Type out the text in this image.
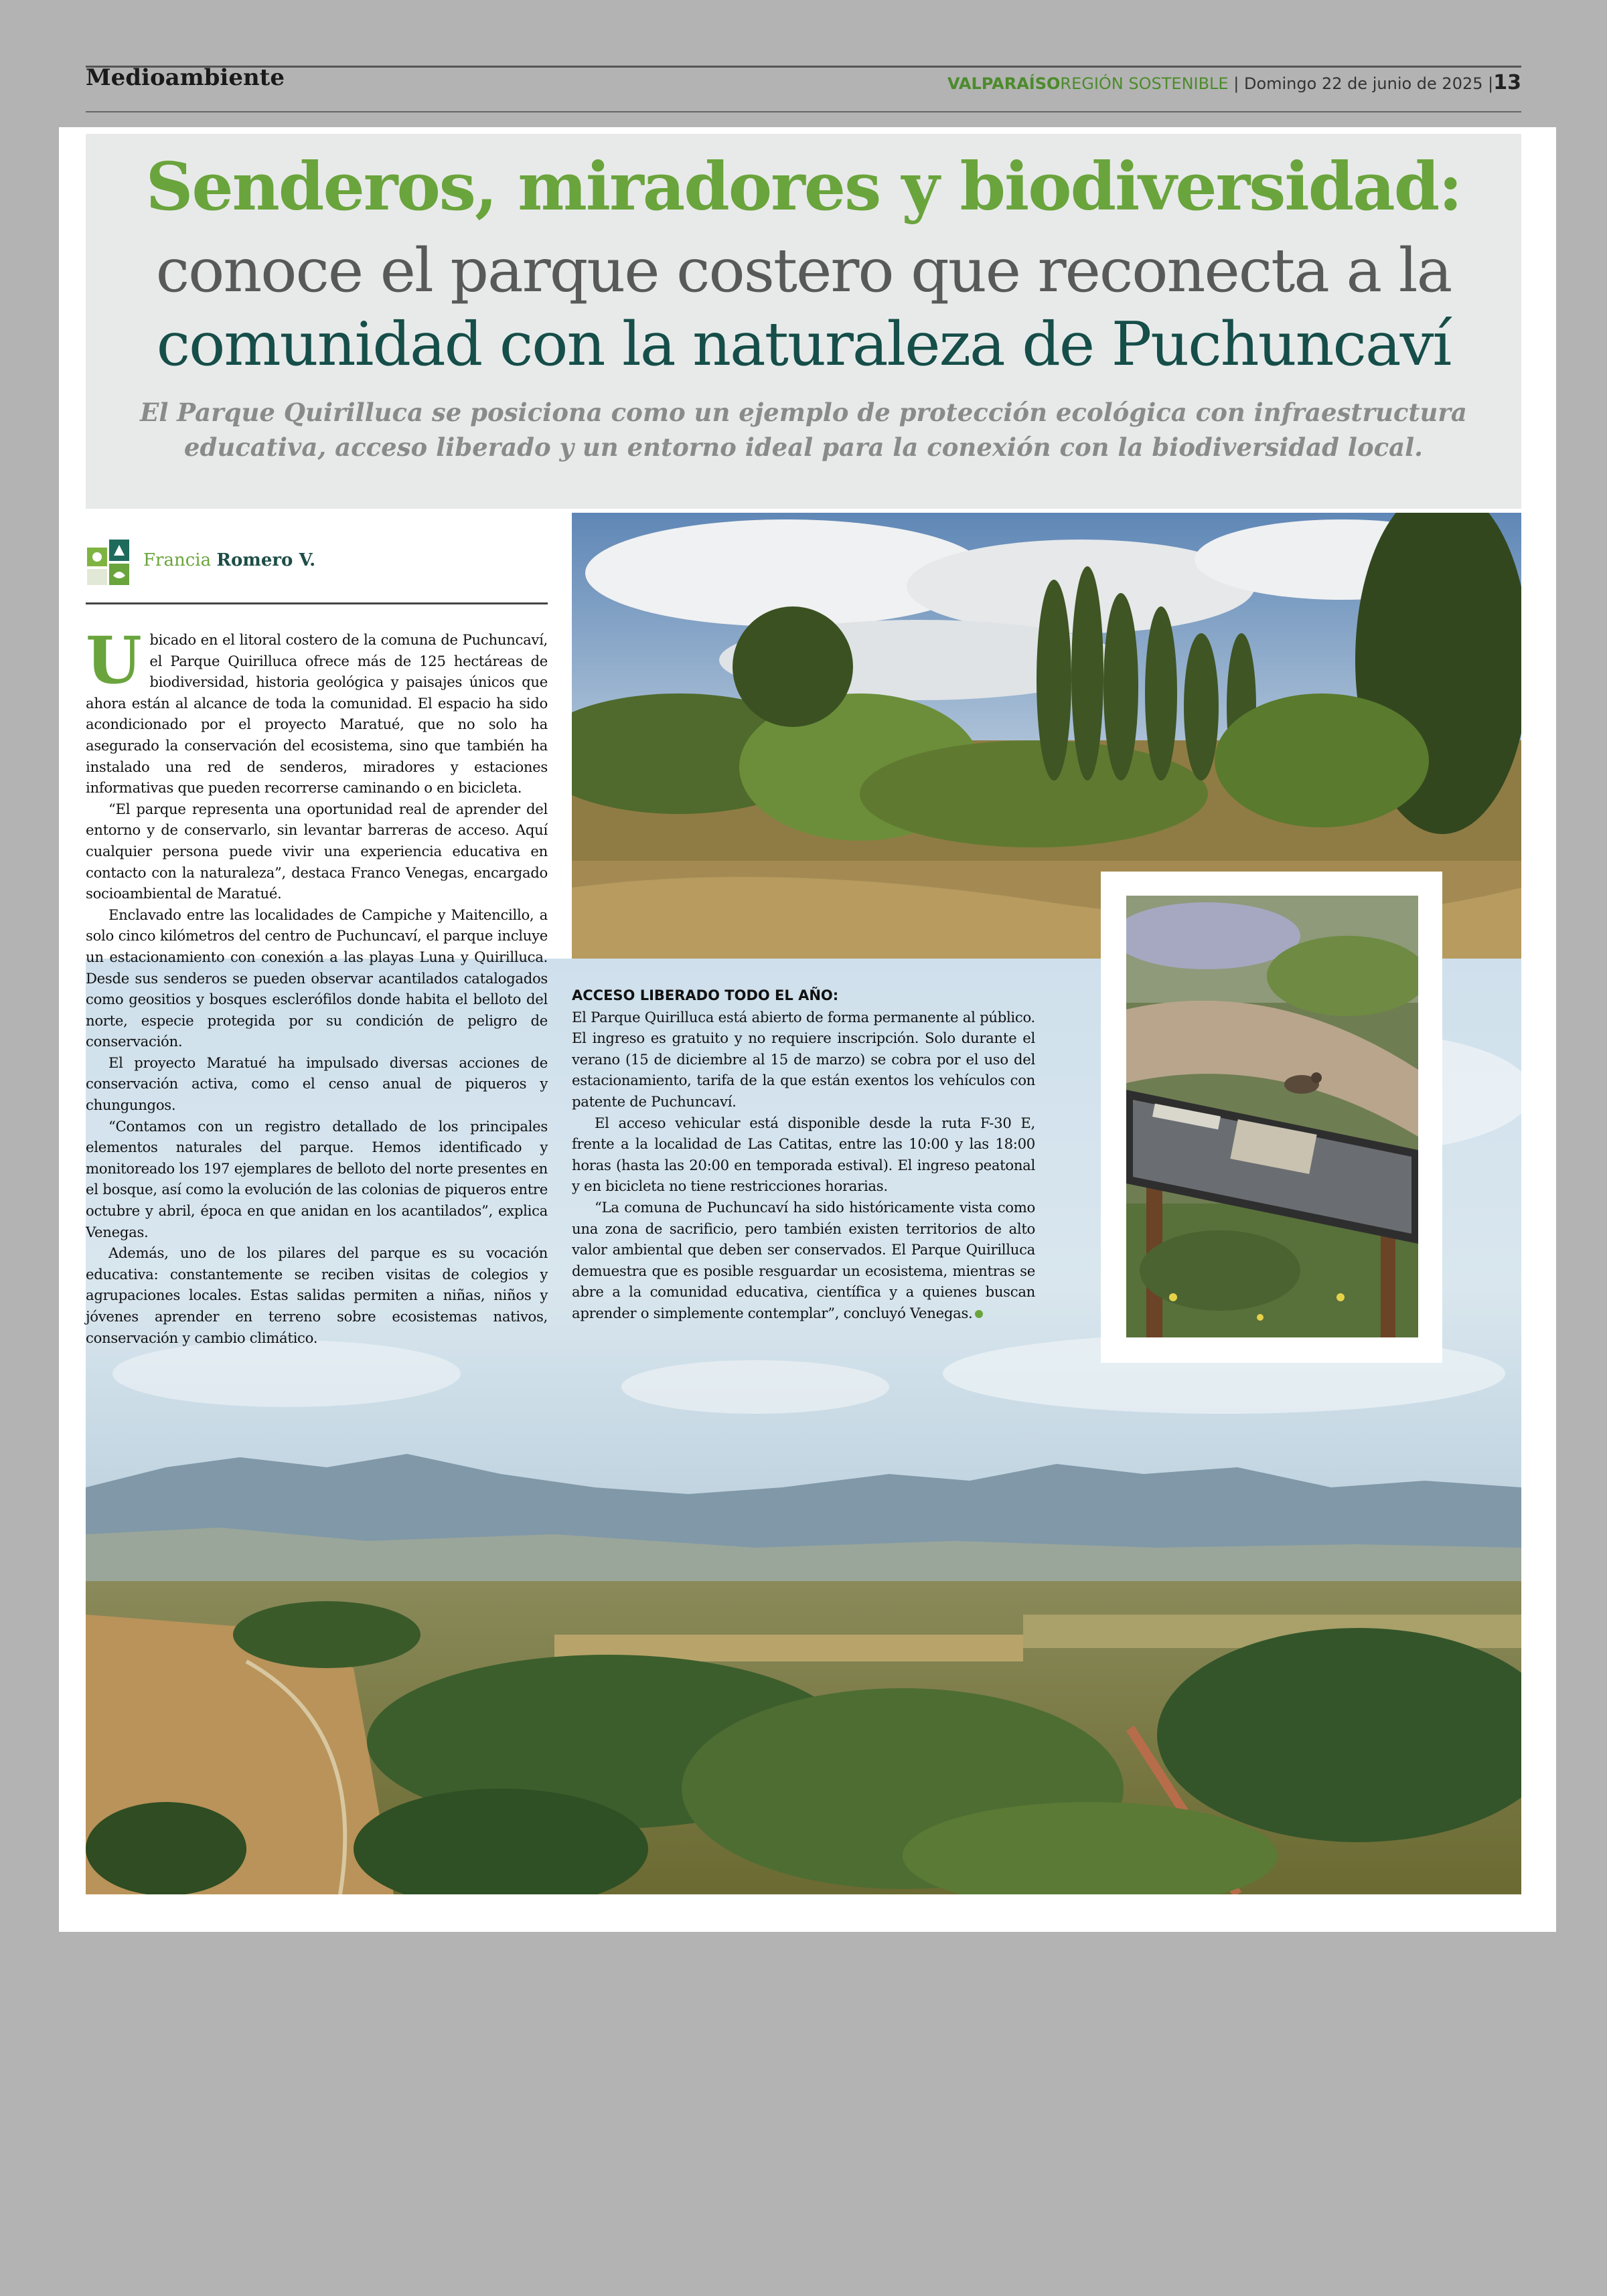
Medioambiente	VALPARAÍSOREGIÓN SOSTENIBLE | Domingo 22 de junio de 2025 |13
Senderos, miradores y biodiversidad:
conoce el parque costero que reconecta a la
comunidad con la naturaleza de Puchuncaví
El Parque Quirilluca se posiciona como un ejemplo de protección ecológica con infraestructura educativa, acceso liberado y un entorno ideal para la conexión con la biodiversidad local.
Francia Romero V.

Ubicado en el litoral costero de la comuna de Puchuncaví, el Parque Quirilluca ofrece más de 125 hectáreas de biodiversidad, historia geológica y paisajes únicos que ahora están al alcance de toda la comunidad. El espacio ha sido acondicionado por el proyecto Maratué, que no solo ha asegurado la conservación del ecosistema, sino que también ha instalado una red de senderos, miradores y estaciones informativas que pueden recorrerse caminando o en bicicleta.

“El parque representa una oportunidad real de aprender del entorno y de conservarlo, sin levantar barreras de acceso. Aquí cualquier persona puede vivir una experiencia educativa en contacto con la naturaleza”, destaca Franco Venegas, encargado socioambiental de Maratué.

Enclavado entre las localidades de Campiche y Maitencillo, a solo cinco kilómetros del centro de Puchuncaví, el parque incluye un estacionamiento con conexión a las playas Luna y Quirilluca. Desde sus senderos se pueden observar acantilados catalogados como geositios y bosques esclerófilos donde habita el belloto del norte, especie protegida por su condición de peligro de conservación.

El proyecto Maratué ha impulsado diversas acciones de conservación activa, como el censo anual de piqueros y chungungos.

“Contamos con un registro detallado de los principales elementos naturales del parque. Hemos identificado y monitoreado los 197 ejemplares de belloto del norte presentes en el bosque, así como la evolución de las colonias de piqueros entre octubre y abril, época en que anidan en los acantilados”, explica Venegas.

Además, uno de los pilares del parque es su vocación educativa: constantemente se reciben visitas de colegios y agrupaciones locales. Estas salidas permiten a niñas, niños y jóvenes aprender en terreno sobre ecosistemas nativos, conservación y cambio climático.

ACCESO LIBERADO TODO EL AÑO:

El Parque Quirilluca está abierto de forma permanente al público. El ingreso es gratuito y no requiere inscripción. Solo durante el verano (15 de diciembre al 15 de marzo) se cobra por el uso del estacionamiento, tarifa de la que están exentos los vehículos con patente de Puchuncaví.

El acceso vehicular está disponible desde la ruta F-30 E, frente a la localidad de Las Catitas, entre las 10:00 y las 18:00 horas (hasta las 20:00 en temporada estival). El ingreso peatonal y en bicicleta no tiene restricciones horarias.

“La comuna de Puchuncaví ha sido históricamente vista como una zona de sacrificio, pero también existen territorios de alto valor ambiental que deben ser conservados. El Parque Quirilluca demuestra que es posible resguardar un ecosistema, mientras se abre a la comunidad educativa, científica y a quienes buscan aprender o simplemente contemplar”, concluyó Venegas.
